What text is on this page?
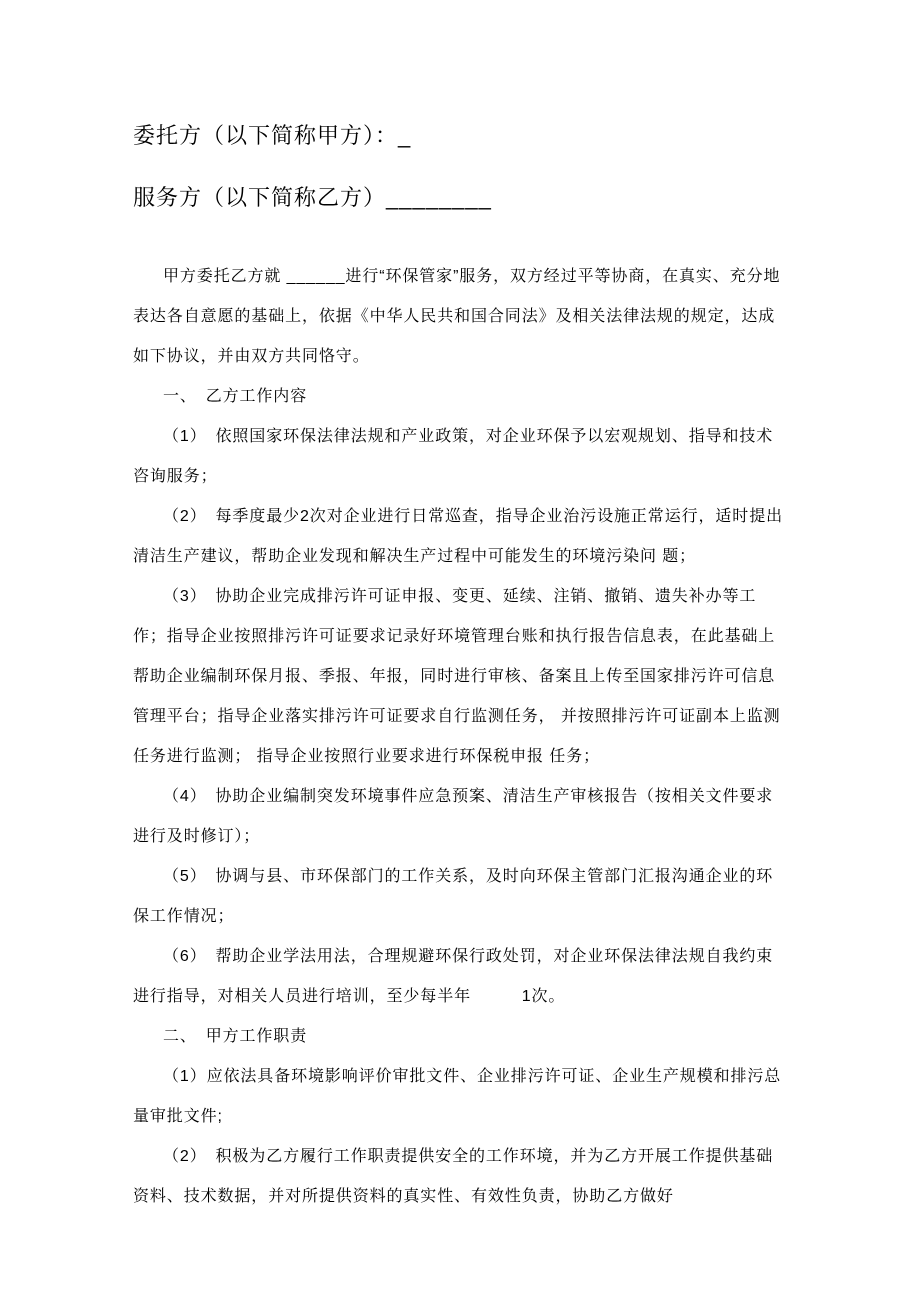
委托方（以下简称甲方）：_

服务方（以下简称乙方）________

甲方委托乙方就 ______进行“环保管家”服务，双方经过平等协商，在真实、充分地表达各自意愿的基础上，依据《中华人民共和国合同法》及相关法律法规的规定，达成如下协议，并由双方共同恪守。

一、　乙方工作内容

（1）　依照国家环保法律法规和产业政策，对企业环保予以宏观规划、指导和技术咨询服务；

（2）　每季度最少2次对企业进行日常巡查，指导企业治污设施正常运行，适时提出清洁生产建议，帮助企业发现和解决生产过程中可能发生的环境污染问 题；

（3）　协助企业完成排污许可证申报、变更、延续、注销、撤销、遗失补办等工作；指导企业按照排污许可证要求记录好环境管理台账和执行报告信息表，在此基础上帮助企业编制环保月报、季报、年报，同时进行审核、备案且上传至国家排污许可信息管理平台；指导企业落实排污许可证要求自行监测任务， 并按照排污许可证副本上监测任务进行监测； 指导企业按照行业要求进行环保税申报 任务；

（4）　协助企业编制突发环境事件应急预案、清洁生产审核报告（按相关文件要求进行及时修订）；

（5）　协调与县、市环保部门的工作关系，及时向环保主管部门汇报沟通企业的环保工作情况；

（6）　帮助企业学法用法，合理规避环保行政处罚，对企业环保法律法规自我约束进行指导，对相关人员进行培训，至少每半年　　　1次。

二、　甲方工作职责

（1）应依法具备环境影响评价审批文件、企业排污许可证、企业生产规模和排污总量审批文件;

（2）　积极为乙方履行工作职责提供安全的工作环境，并为乙方开展工作提供基础资料、技术数据，并对所提供资料的真实性、有效性负责，协助乙方做好
